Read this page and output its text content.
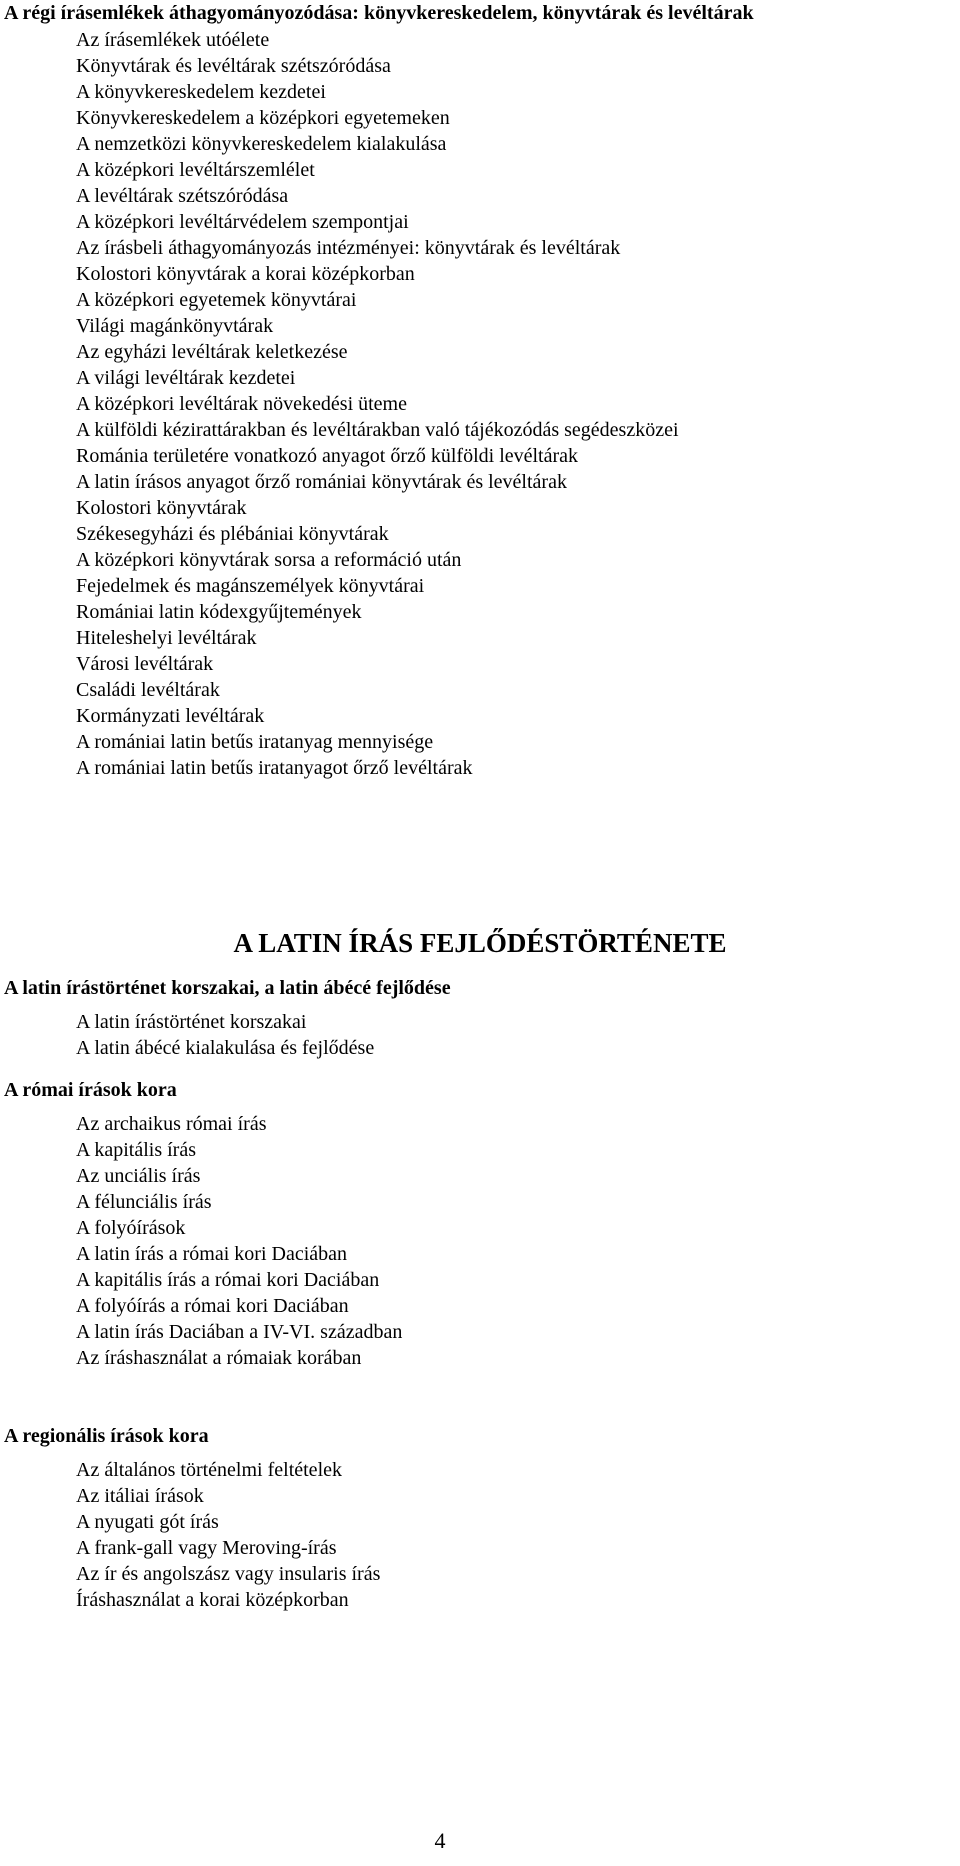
A régi írásemlékek áthagyományozódása: könyvkereskedelem, könyvtárak és levéltárak
Az írásemlékek utóélete
Könyvtárak és levéltárak szétszóródása
A könyvkereskedelem kezdetei
Könyvkereskedelem a középkori egyetemeken
A nemzetközi könyvkereskedelem kialakulása
A középkori levéltárszemlélet
A levéltárak szétszóródása
A középkori levéltárvédelem szempontjai
Az írásbeli áthagyományozás intézményei: könyvtárak és levéltárak
Kolostori könyvtárak a korai középkorban
A középkori egyetemek könyvtárai
Világi magánkönyvtárak
Az egyházi levéltárak keletkezése
A világi levéltárak kezdetei
A középkori levéltárak növekedési üteme
A külföldi kézirattárakban és levéltárakban való tájékozódás segédeszközei
Románia területére vonatkozó anyagot őrző külföldi levéltárak
A latin írásos anyagot őrző romániai könyvtárak és levéltárak
Kolostori könyvtárak
Székesegyházi és plébániai könyvtárak
A középkori könyvtárak sorsa a reformáció után
Fejedelmek és magánszemélyek könyvtárai
Romániai latin kódexgyűjtemények
Hiteleshelyi levéltárak
Városi levéltárak
Családi levéltárak
Kormányzati levéltárak
A romániai latin betűs iratanyag mennyisége
A romániai latin betűs iratanyagot őrző levéltárak
A LATIN ÍRÁS FEJLŐDÉSTÖRTÉNETE
A latin írástörténet korszakai, a latin ábécé fejlődése
A latin írástörténet korszakai
A latin ábécé kialakulása és fejlődése
A római írások kora
Az archaikus római írás
A kapitális írás
Az unciális írás
A félunciális írás
A folyóírások
A latin írás a római kori Daciában
A kapitális írás a római kori Daciában
A folyóírás a római kori Daciában
A latin írás Daciában a IV-VI. században
Az íráshasználat a rómaiak korában
A regionális írások kora
Az általános történelmi feltételek
Az itáliai írások
A nyugati gót írás
A frank-gall vagy Meroving-írás
Az ír és angolszász vagy insularis írás
Íráshasználat a korai középkorban
4
